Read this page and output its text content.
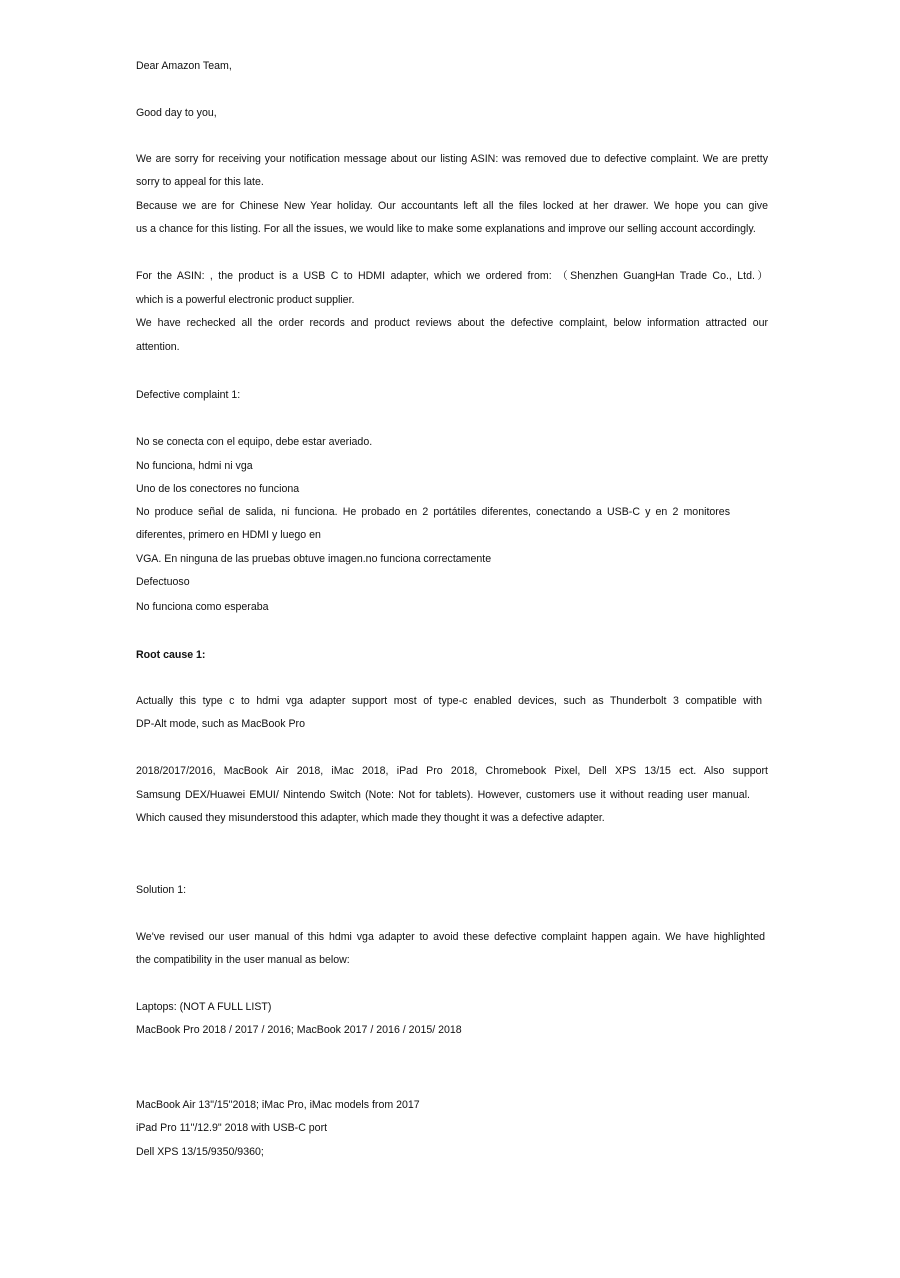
Dear Amazon Team,
Good day to you,
We are sorry for receiving your notification message about our listing ASIN: was removed due to defective complaint. We are pretty
sorry to appeal for this late.
Because we are for Chinese New Year holiday. Our accountants left all the files locked at her drawer. We hope you can give
us a chance for this listing. For all the issues, we would like to make some explanations and improve our selling account accordingly.
For the ASIN: , the product is a USB C to HDMI adapter, which we ordered from: （Shenzhen GuangHan Trade Co., Ltd.）
which is a powerful electronic product supplier.
We have rechecked all the order records and product reviews about the defective complaint, below information attracted our
attention.
Defective complaint 1:
No se conecta con el equipo, debe estar averiado.
No funciona, hdmi ni vga
Uno de los conectores no funciona
No produce señal de salida, ni funciona. He probado en 2 portátiles diferentes, conectando a USB-C y en 2 monitores
diferentes, primero en HDMI y luego en
VGA. En ninguna de las pruebas obtuve imagen.no funciona correctamente
Defectuoso
No funciona como esperaba
Root cause 1:
Actually this type c to hdmi vga adapter support most of type-c enabled devices, such as Thunderbolt 3 compatible with
DP-Alt mode, such as MacBook Pro
2018/2017/2016, MacBook Air 2018, iMac 2018, iPad Pro 2018, Chromebook Pixel, Dell XPS 13/15 ect. Also support
Samsung DEX/Huawei EMUI/ Nintendo Switch (Note: Not for tablets). However, customers use it without reading user manual.
Which caused they misunderstood this adapter, which made they thought it was a defective adapter.
Solution 1:
We've revised our user manual of this hdmi vga adapter to avoid these defective complaint happen again. We have highlighted
the compatibility in the user manual as below:
Laptops: (NOT A FULL LIST)
MacBook Pro 2018 / 2017 / 2016; MacBook 2017 / 2016 / 2015/ 2018
MacBook Air 13"/15"2018; iMac Pro, iMac models from 2017
iPad Pro 11"/12.9" 2018 with USB-C port
Dell XPS 13/15/9350/9360;
